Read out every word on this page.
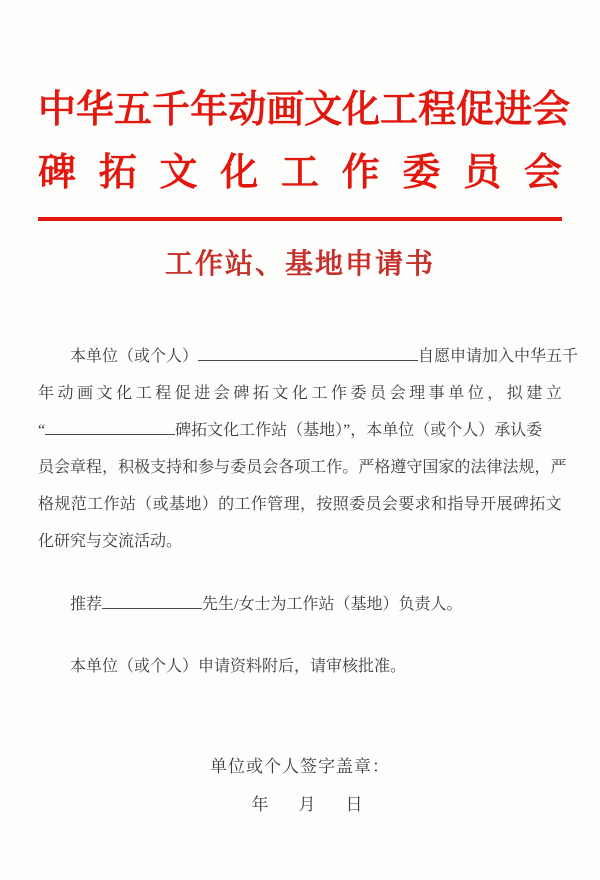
中 华 五 千 年 动 画 文 化 工 程 促 进 会
碑 拓 文 化 工 作 委 员 会
工作站、基地申请书
本单位（或个人）	自愿申请加入中华五千
年 动 画 文 化 工 程 促 进 会 碑 拓 文 化 工 作 委 员 会 理 事 单 位 ， 拟 建 立
“	碑拓文化工作站（基地）”，本单位（或个人）承认委
员 会 章 程 ， 积 极 支 持 和 参 与 委 员 会 各 项 工 作 。 严 格 遵 守 国 家 的 法 律 法 规 ， 严
格 规 范 工 作 站 （ 或 基 地 ） 的 工 作 管 理 ， 按 照 委 员 会 要 求 和 指 导 开 展 碑 拓 文
化研究与交流活动。
推荐	先生/女士为工作站（基地）负责人。
本单位（或个人）申请资料附后，请审核批准。
单位或个人签字盖章：
年 月 日
